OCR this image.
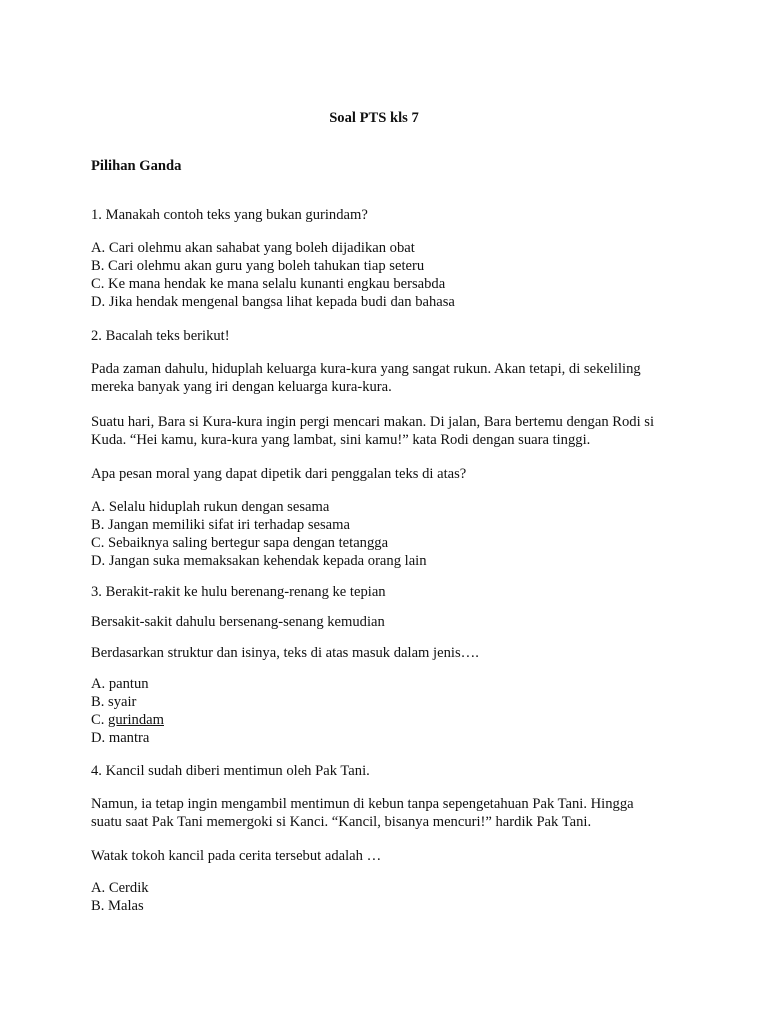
Soal PTS kls 7
Pilihan Ganda
1. Manakah contoh teks yang bukan gurindam?
A. Cari olehmu akan sahabat yang boleh dijadikan obat
B. Cari olehmu akan guru yang boleh tahukan tiap seteru
C. Ke mana hendak ke mana selalu kunanti engkau bersabda
D. Jika hendak mengenal bangsa lihat kepada budi dan bahasa
2. Bacalah teks berikut!
Pada zaman dahulu, hiduplah keluarga kura-kura yang sangat rukun. Akan tetapi, di sekeliling
mereka banyak yang iri dengan keluarga kura-kura.
Suatu hari, Bara si Kura-kura ingin pergi mencari makan. Di jalan, Bara bertemu dengan Rodi si
Kuda. “Hei kamu, kura-kura yang lambat, sini kamu!” kata Rodi dengan suara tinggi.
Apa pesan moral yang dapat dipetik dari penggalan teks di atas?
A. Selalu hiduplah rukun dengan sesama
B. Jangan memiliki sifat iri terhadap sesama
C. Sebaiknya saling bertegur sapa dengan tetangga
D. Jangan suka memaksakan kehendak kepada orang lain
3. Berakit-rakit ke hulu berenang-renang ke tepian
Bersakit-sakit dahulu bersenang-senang kemudian
Berdasarkan struktur dan isinya, teks di atas masuk dalam jenis….
A. pantun
B. syair
C. gurindam
D. mantra
4. Kancil sudah diberi mentimun oleh Pak Tani.
Namun, ia tetap ingin mengambil mentimun di kebun tanpa sepengetahuan Pak Tani. Hingga
suatu saat Pak Tani memergoki si Kanci. “Kancil, bisanya mencuri!” hardik Pak Tani.
Watak tokoh kancil pada cerita tersebut adalah …
A. Cerdik
B. Malas
